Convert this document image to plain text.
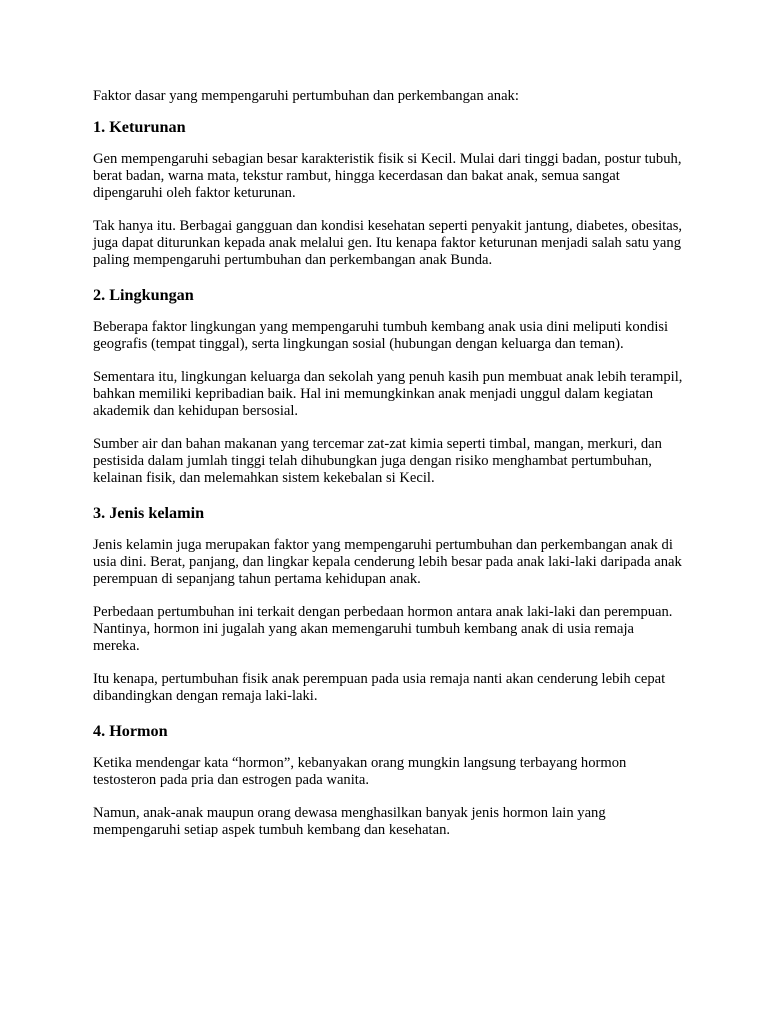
Faktor dasar yang mempengaruhi pertumbuhan dan perkembangan anak:

1. Keturunan

Gen mempengaruhi sebagian besar karakteristik fisik si Kecil. Mulai dari tinggi badan, postur tubuh, berat badan, warna mata, tekstur rambut, hingga kecerdasan dan bakat anak, semua sangat dipengaruhi oleh faktor keturunan.

Tak hanya itu. Berbagai gangguan dan kondisi kesehatan seperti penyakit jantung, diabetes, obesitas, juga dapat diturunkan kepada anak melalui gen. Itu kenapa faktor keturunan menjadi salah satu yang paling mempengaruhi pertumbuhan dan perkembangan anak Bunda.

2. Lingkungan

Beberapa faktor lingkungan yang mempengaruhi tumbuh kembang anak usia dini meliputi kondisi geografis (tempat tinggal), serta lingkungan sosial (hubungan dengan keluarga dan teman).

Sementara itu, lingkungan keluarga dan sekolah yang penuh kasih pun membuat anak lebih terampil, bahkan memiliki kepribadian baik. Hal ini memungkinkan anak menjadi unggul dalam kegiatan akademik dan kehidupan bersosial.

Sumber air dan bahan makanan yang tercemar zat-zat kimia seperti timbal, mangan, merkuri, dan pestisida dalam jumlah tinggi telah dihubungkan juga dengan risiko menghambat pertumbuhan, kelainan fisik, dan melemahkan sistem kekebalan si Kecil.

3. Jenis kelamin

Jenis kelamin juga merupakan faktor yang mempengaruhi pertumbuhan dan perkembangan anak di usia dini. Berat, panjang, dan lingkar kepala cenderung lebih besar pada anak laki-laki daripada anak perempuan di sepanjang tahun pertama kehidupan anak.

Perbedaan pertumbuhan ini terkait dengan perbedaan hormon antara anak laki-laki dan perempuan. Nantinya, hormon ini jugalah yang akan memengaruhi tumbuh kembang anak di usia remaja mereka.

Itu kenapa, pertumbuhan fisik anak perempuan pada usia remaja nanti akan cenderung lebih cepat dibandingkan dengan remaja laki-laki.

4. Hormon

Ketika mendengar kata “hormon”, kebanyakan orang mungkin langsung terbayang hormon testosteron pada pria dan estrogen pada wanita.

Namun, anak-anak maupun orang dewasa menghasilkan banyak jenis hormon lain yang mempengaruhi setiap aspek tumbuh kembang dan kesehatan.
